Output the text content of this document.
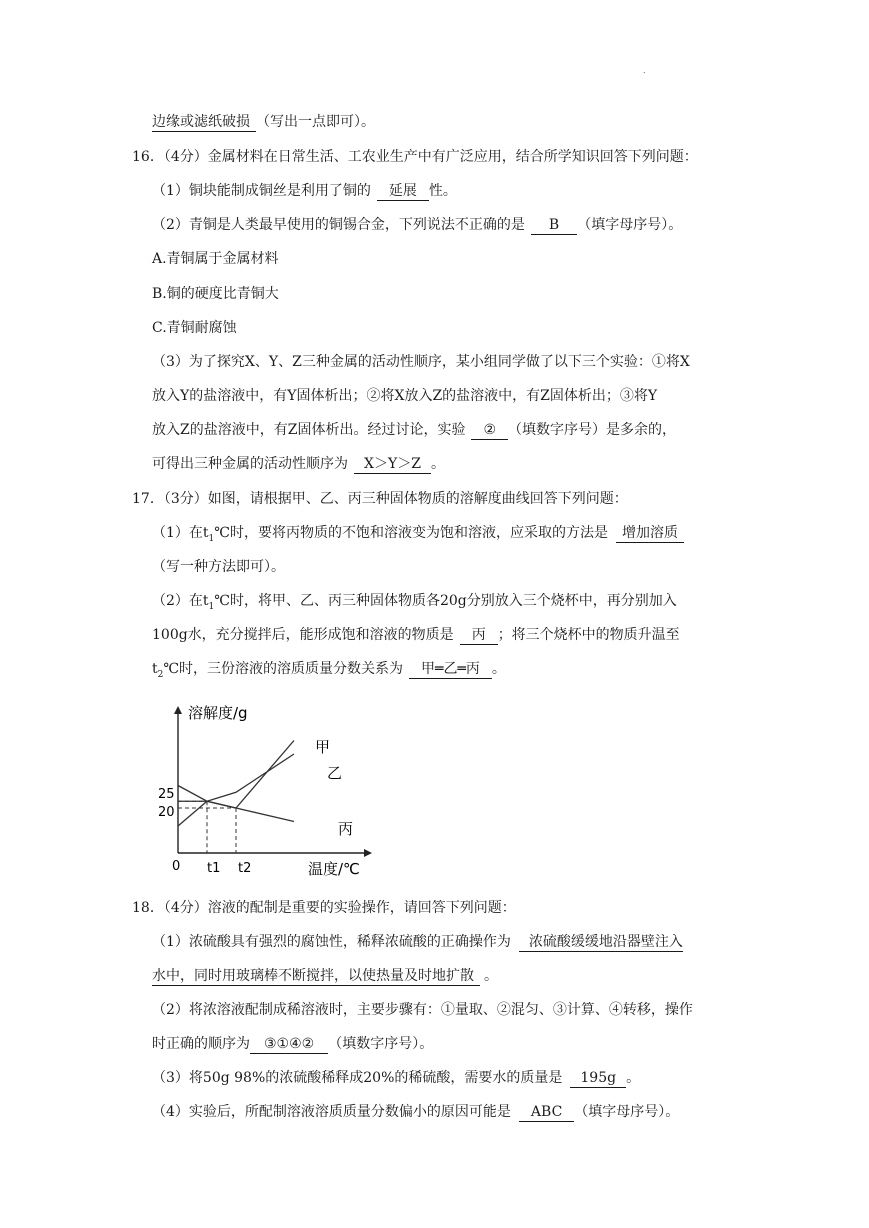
.
边缘或滤纸破损 （写出一点即可）。
16．（4分）金属材料在日常生活、工农业生产中有广泛应用，结合所学知识回答下列问题：
（1）铜块能制成铜丝是利用了铜的 延展 性。
（2）青铜是人类最早使用的铜锡合金，下列说法不正确的是 B （填字母序号）。
A.青铜属于金属材料
B.铜的硬度比青铜大
C.青铜耐腐蚀
（3）为了探究X、Y、Z三种金属的活动性顺序，某小组同学做了以下三个实验：①将X
放入Y的盐溶液中，有Y固体析出；②将X放入Z的盐溶液中，有Z固体析出；③将Y
放入Z的盐溶液中，有Z固体析出。经过讨论，实验 ② （填数字序号）是多余的，
可得出三种金属的活动性顺序为 X＞Y＞Z 。
17．（3分）如图，请根据甲、乙、丙三种固体物质的溶解度曲线回答下列问题：
（1）在$t_1℃$时，要将丙物质的不饱和溶液变为饱和溶液，应采取的方法是 增加溶质
（写一种方法即可）。
（2）在$t_1℃$时，将甲、乙、丙三种固体物质各20g分别放入三个烧杯中，再分别加入
100g水，充分搅拌后，能形成饱和溶液的物质是 丙 ；将三个烧杯中的物质升温至
$t_2℃$时，三份溶液的溶质质量分数关系为 甲═乙═丙 。
溶解度/g
温度/℃
0 t1 t2
25
20
甲
乙
丙
18．（4分）溶液的配制是重要的实验操作，请回答下列问题：
（1）浓硫酸具有强烈的腐蚀性，稀释浓硫酸的正确操作为 浓硫酸缓缓地沿器壁注入
水中，同时用玻璃棒不断搅拌，以使热量及时地扩散 。
（2）将浓溶液配制成稀溶液时，主要步骤有：①量取、②混匀、③计算、④转移，操作
时正确的顺序为 ③①④② （填数字序号）。
（3）将50g 98%的浓硫酸稀释成20%的稀硫酸，需要水的质量是 195g 。
（4）实验后，所配制溶液溶质质量分数偏小的原因可能是 ABC （填字母序号）。
